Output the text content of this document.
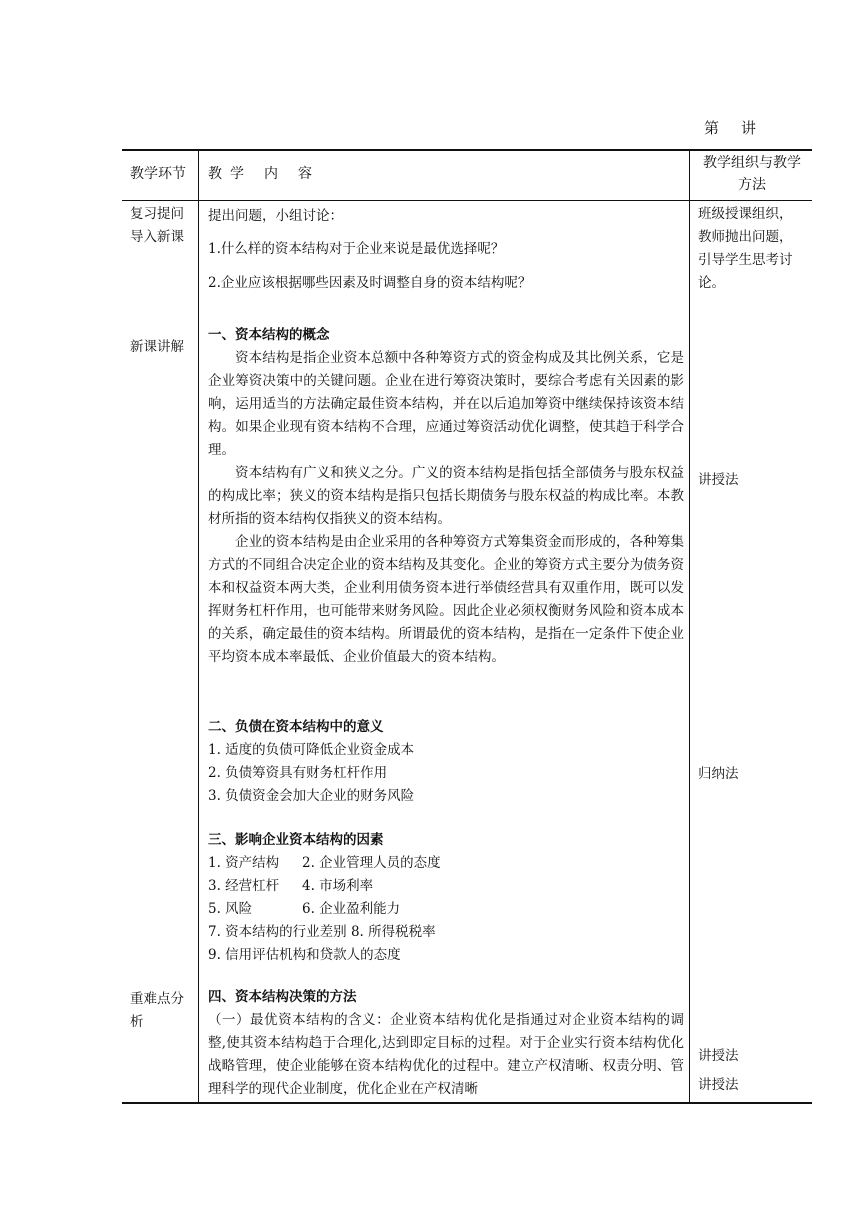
第 讲
教学环节	教 学 内 容
教学组织与教学
方法
复习提问
导入新课
新课讲解
重难点分
析
提出问题，小组讨论：
1.什么样的资本结构对于企业来说是最优选择呢？
2.企业应该根据哪些因素及时调整自身的资本结构呢？

一、资本结构的概念

资本结构是指企业资本总额中各种筹资方式的资金构成及其比例关系，它是企业筹资决策中的关键问题。企业在进行筹资决策时，要综合考虑有关因素的影响，运用适当的方法确定最佳资本结构，并在以后追加筹资中继续保持该资本结构。如果企业现有资本结构不合理，应通过筹资活动优化调整，使其趋于科学合理。

资本结构有广义和狭义之分。广义的资本结构是指包括全部债务与股东权益的构成比率；狭义的资本结构是指只包括长期债务与股东权益的构成比率。本教材所指的资本结构仅指狭义的资本结构。

企业的资本结构是由企业采用的各种筹资方式筹集资金而形成的，各种筹集方式的不同组合决定企业的资本结构及其变化。企业的筹资方式主要分为债务资本和权益资本两大类，企业利用债务资本进行举债经营具有双重作用，既可以发挥财务杠杆作用，也可能带来财务风险。因此企业必须权衡财务风险和资本成本的关系，确定最佳的资本结构。所谓最优的资本结构，是指在一定条件下使企业平均资本成本率最低、企业价值最大的资本结构。

二、负债在资本结构中的意义

1. 适度的负债可降低企业资金成本

2. 负债筹资具有财务杠杆作用

3. 负债资金会加大企业的财务风险

三、影响企业资本结构的因素

1. 资产结构 2. 企业管理人员的态度

3. 经营杠杆 4. 市场利率

5. 风险	6. 企业盈利能力

7. 资本结构的行业差别 8. 所得税税率

9. 信用评估机构和贷款人的态度

四、资本结构决策的方法

（一）最优资本结构的含义：企业资本结构优化是指通过对企业资本结构的调整,使其资本结构趋于合理化,达到即定目标的过程。对于企业实行资本结构优化战略管理，使企业能够在资本结构优化的过程中。建立产权清晰、权责分明、管理科学的现代企业制度，优化企业在产权清晰

班级授课组织，
教师抛出问题，
引导学生思考讨
论。
讲授法
归纳法
讲授法
讲授法
